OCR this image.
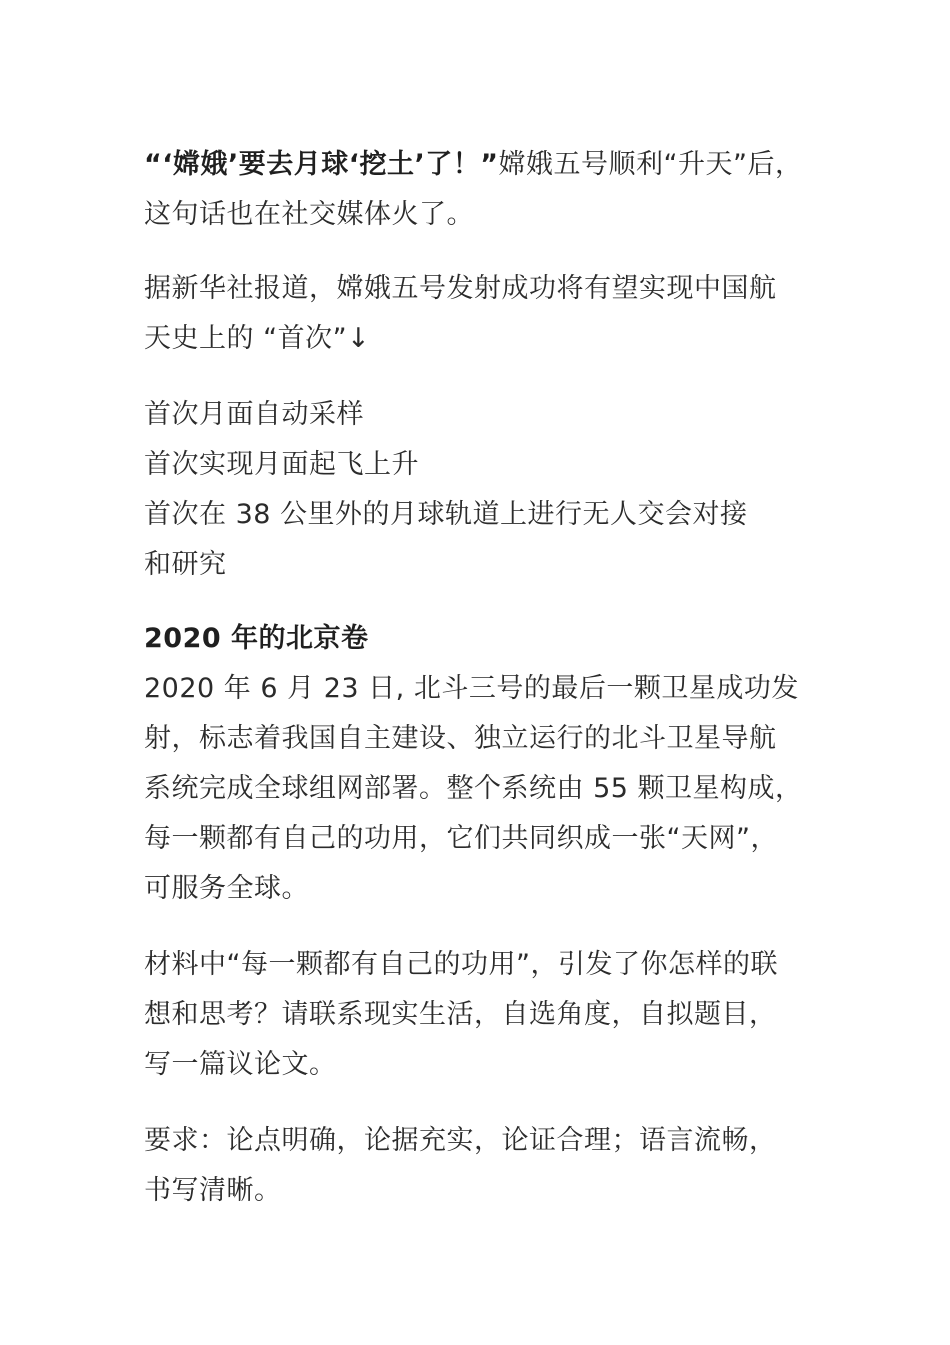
“‘嫦娥’要去月球‘挖土’了！”嫦娥五号顺利“升天”后，
这句话也在社交媒体火了。

据新华社报道，嫦娥五号发射成功将有望实现中国航
天史上的 “首次”↓

首次月面自动采样
首次实现月面起飞上升
首次在 38 公里外的月球轨道上进行无人交会对接
和研究
2020 年的北京卷
2020 年 6 月 23 日, 北斗三号的最后一颗卫星成功发
射，标志着我国自主建设、独立运行的北斗卫星导航
系统完成全球组网部署。整个系统由 55 颗卫星构成，
每一颗都有自己的功用，它们共同织成一张“天网”，
可服务全球。

材料中“每一颗都有自己的功用”，引发了你怎样的联
想和思考？请联系现实生活，自选角度，自拟题目，
写一篇议论文。

要求：论点明确，论据充实，论证合理；语言流畅，
书写清晰。
